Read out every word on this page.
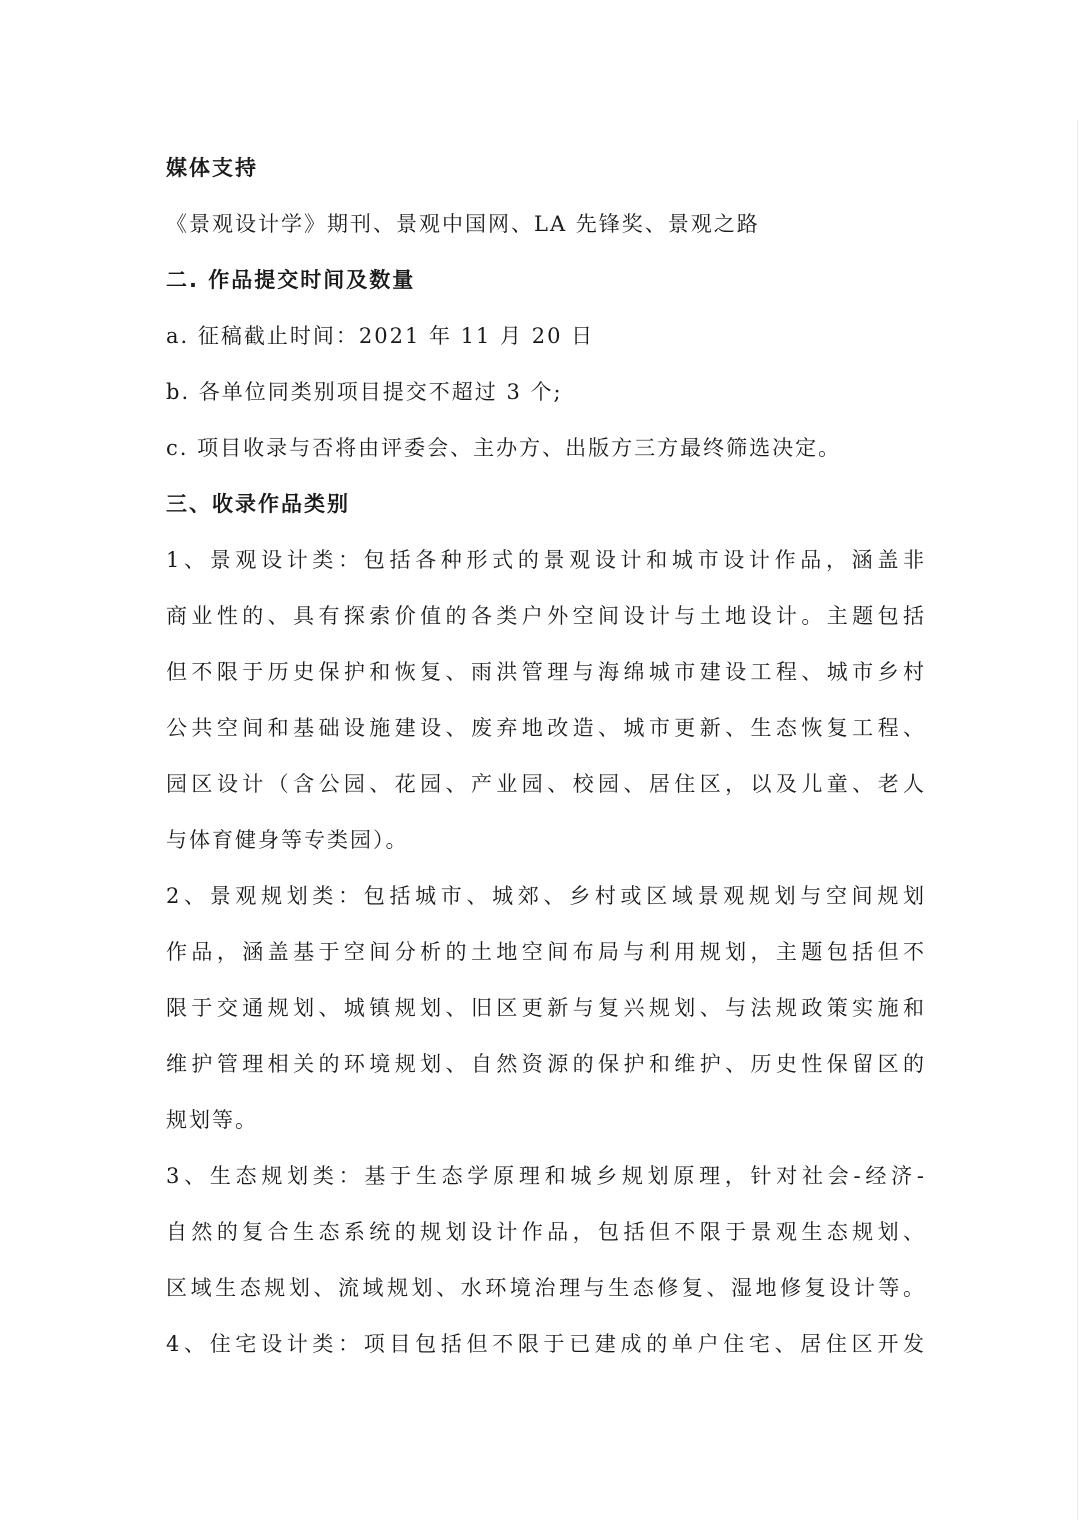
媒体支持
《景观设计学》期刊、景观中国网、LA 先锋奖、景观之路
二. 作品提交时间及数量
a. 征稿截止时间：2021 年 11 月 20 日
b. 各单位同类别项目提交不超过 3 个;
c. 项目收录与否将由评委会、主办方、出版方三方最终筛选决定。
三、收录作品类别
1、景观设计类：包括各种形式的景观设计和城市设计作品，涵盖非
商业性的、具有探索价值的各类户外空间设计与土地设计。主题包括
但不限于历史保护和恢复、雨洪管理与海绵城市建设工程、城市乡村
公共空间和基础设施建设、废弃地改造、城市更新、生态恢复工程、
园区设计（含公园、花园、产业园、校园、居住区，以及儿童、老人
与体育健身等专类园）。
2、景观规划类：包括城市、城郊、乡村或区域景观规划与空间规划
作品，涵盖基于空间分析的土地空间布局与利用规划，主题包括但不
限于交通规划、城镇规划、旧区更新与复兴规划、与法规政策实施和
维护管理相关的环境规划、自然资源的保护和维护、历史性保留区的
规划等。
3、生态规划类：基于生态学原理和城乡规划原理，针对社会-经济-
自然的复合生态系统的规划设计作品，包括但不限于景观生态规划、
区域生态规划、流域规划、水环境治理与生态修复、湿地修复设计等。
4、住宅设计类：项目包括但不限于已建成的单户住宅、居住区开发
